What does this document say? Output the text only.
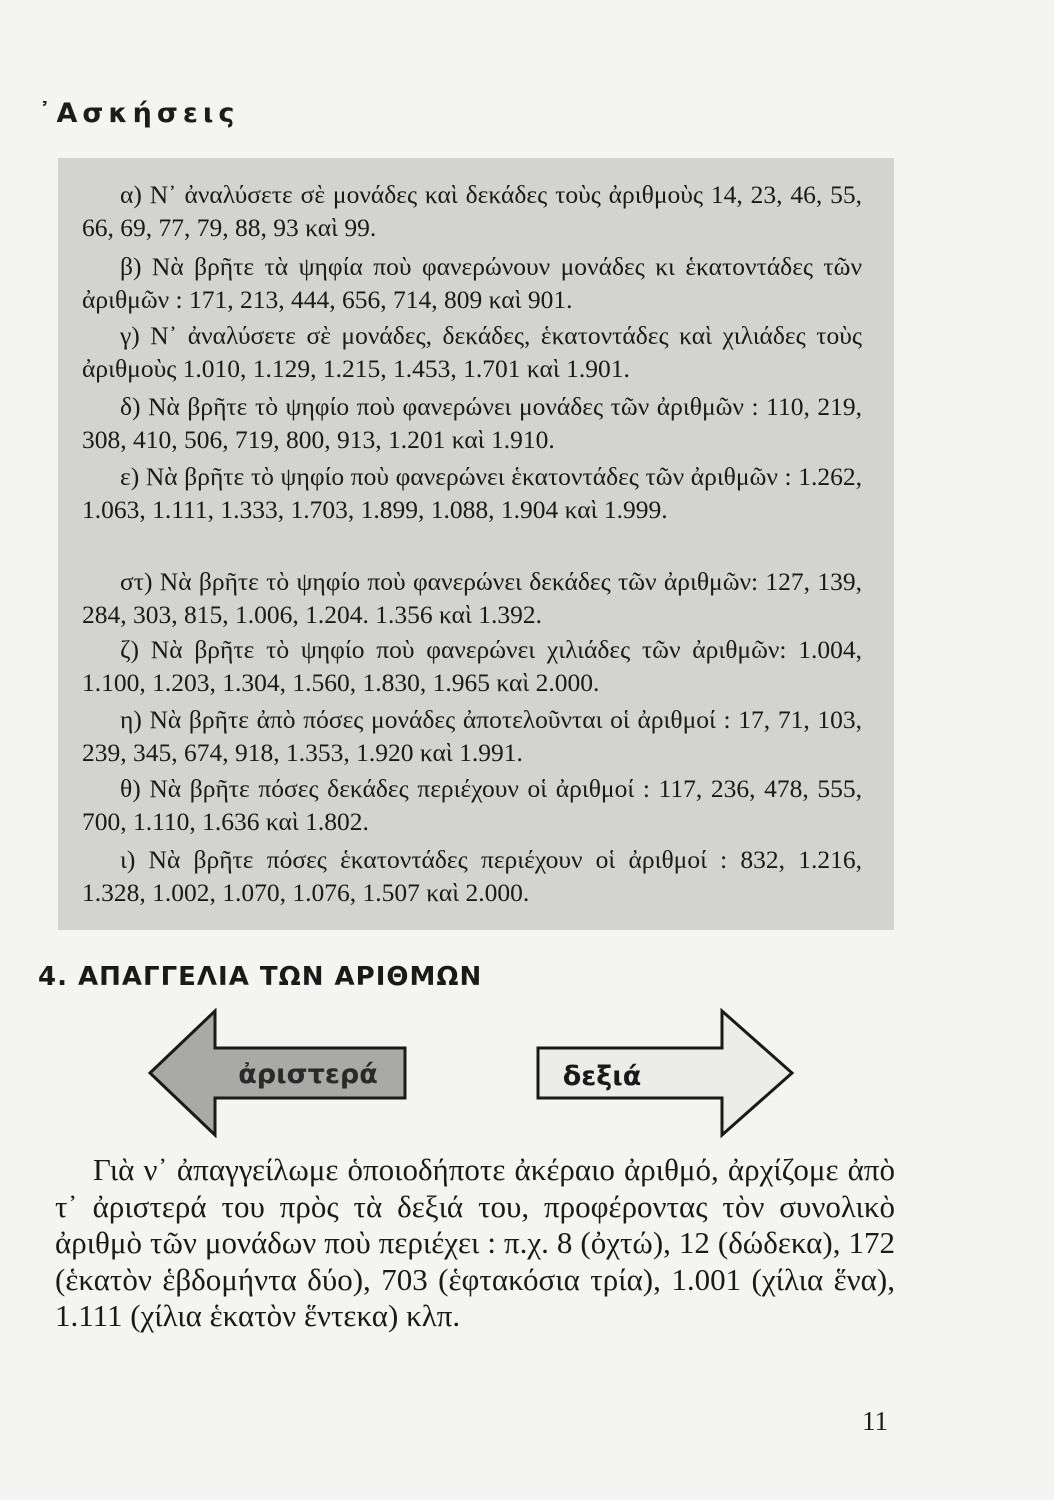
᾿Ασκήσεις
α) Ν᾿ ἀναλύσετε σὲ μονάδες καὶ δεκάδες τοὺς ἀριθμοὺς 14, 23, 46, 55, 66, 69, 77, 79, 88, 93 καὶ 99.
β) Νὰ βρῆτε τὰ ψηφία ποὺ φανερώνουν μονάδες κι ἑκατοντάδες τῶν ἀριθμῶν : 171, 213, 444, 656, 714, 809 καὶ 901.
γ) Ν᾿ ἀναλύσετε σὲ μονάδες, δεκάδες, ἑκατοντάδες καὶ χιλιάδες τοὺς ἀριθμοὺς 1.010, 1.129, 1.215, 1.453, 1.701 καὶ 1.901.
δ) Νὰ βρῆτε τὸ ψηφίο ποὺ φανερώνει μονάδες τῶν ἀριθμῶν : 110, 219, 308, 410, 506, 719, 800, 913, 1.201 καὶ 1.910.
ε) Νὰ βρῆτε τὸ ψηφίο ποὺ φανερώνει ἑκατοντάδες τῶν ἀριθμῶν : 1.262, 1.063, 1.111, 1.333, 1.703, 1.899, 1.088, 1.904 καὶ 1.999.
στ) Νὰ βρῆτε τὸ ψηφίο ποὺ φανερώνει δεκάδες τῶν ἀριθμῶν: 127, 139, 284, 303, 815, 1.006, 1.204. 1.356 καὶ 1.392.
ζ) Νὰ βρῆτε τὸ ψηφίο ποὺ φανερώνει χιλιάδες τῶν ἀριθμῶν: 1.004, 1.100, 1.203, 1.304, 1.560, 1.830, 1.965 καὶ 2.000.
η) Νὰ βρῆτε ἀπὸ πόσες μονάδες ἀποτελοῦνται οἱ ἀριθμοί : 17, 71, 103, 239, 345, 674, 918, 1.353, 1.920 καὶ 1.991.
θ) Νὰ βρῆτε πόσες δεκάδες περιέχουν οἱ ἀριθμοί : 117, 236, 478, 555, 700, 1.110, 1.636 καὶ 1.802.
ι) Νὰ βρῆτε πόσες ἑκατοντάδες περιέχουν οἱ ἀριθμοί : 832, 1.216, 1.328, 1.002, 1.070, 1.076, 1.507 καὶ 2.000.
4. ΑΠΑΓΓΕΛΙΑ ΤΩΝ ΑΡΙΘΜΩΝ
ἀριστερά	δεξιά
Γιὰ ν᾿ ἀπαγγείλωμε ὁποιοδήποτε ἀκέραιο ἀριθμό, ἀρχίζομε ἀπὸ τ᾿ ἀριστερά του πρὸς τὰ δεξιά του, προφέροντας τὸν συνολικὸ ἀριθμὸ τῶν μονάδων ποὺ περιέχει : π.χ. 8 (ὀχτώ), 12 (δώδεκα), 172 (ἑκατὸν ἑβδομήντα δύο), 703 (ἑφτακόσια τρία), 1.001 (χίλια ἕνα), 1.111 (χίλια ἑκατὸν ἕντεκα) κλπ.
11
